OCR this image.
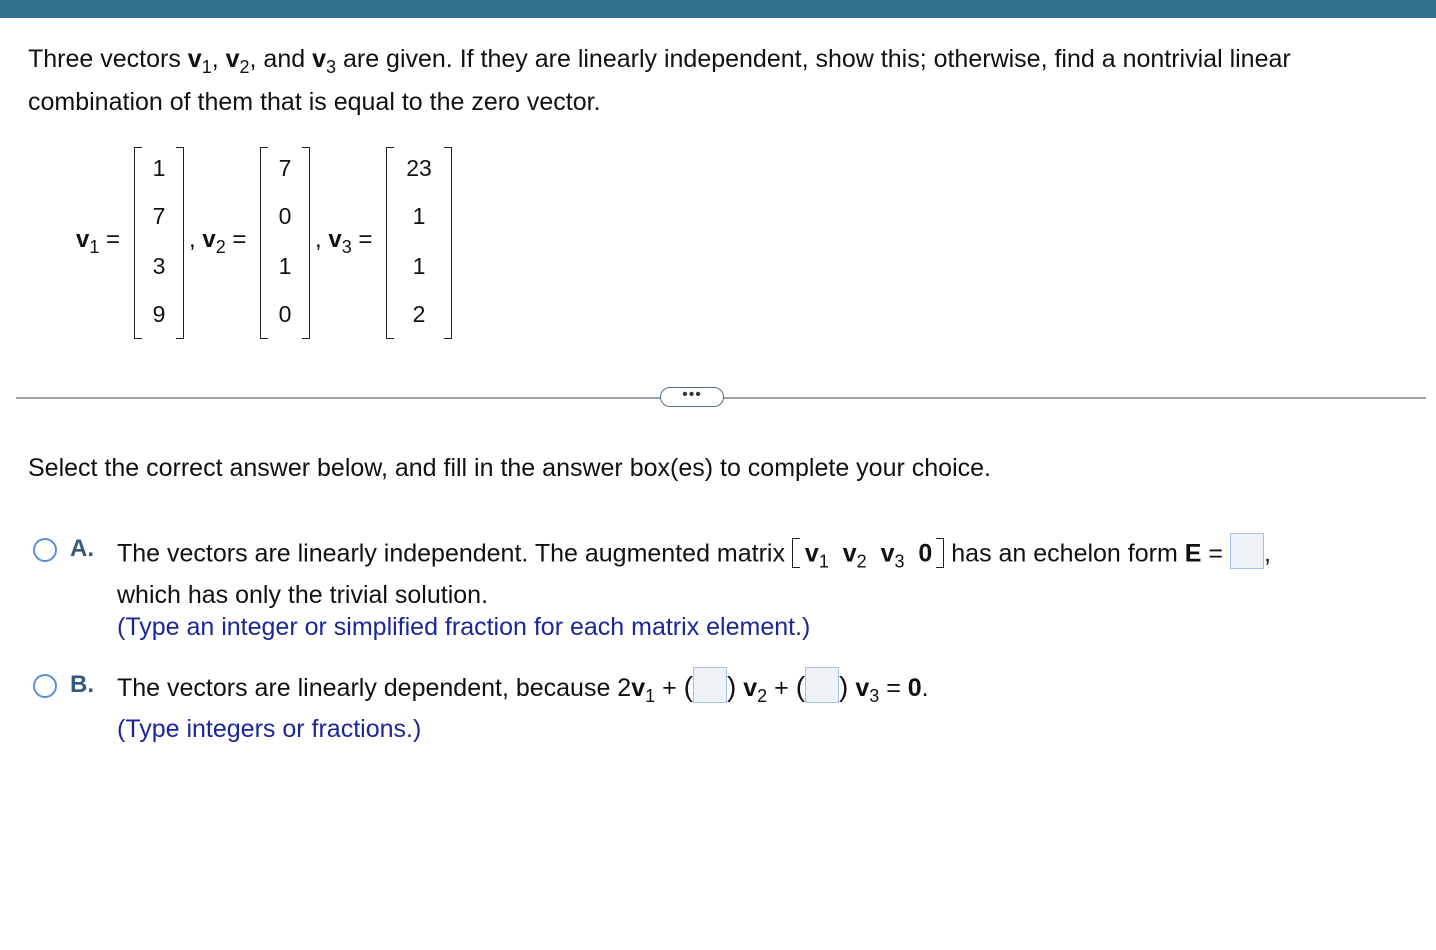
Three vectors $v_1$, $v_2$, and $v_3$ are given. If they are linearly independent, show this; otherwise, find a nontrivial linear combination of them that is equal to the zero vector.
$v_1$ =
1
7
3
9
, $v_2$ =
7
0
1
0
, $v_3$ =
23
1
1
2
•••
Select the correct answer below, and fill in the answer box(es) to complete your choice.
A. The vectors are linearly independent. The augmented matrix $v_1$ $v_2$ $v_3$ 0 has an echelon form E = ,
which has only the trivial solution.
(Type an integer or simplified fraction for each matrix element.)
B. The vectors are linearly dependent, because $2v_1$ + ( ) $v_2$ + ( ) $v_3 = 0$.
(Type integers or fractions.)
